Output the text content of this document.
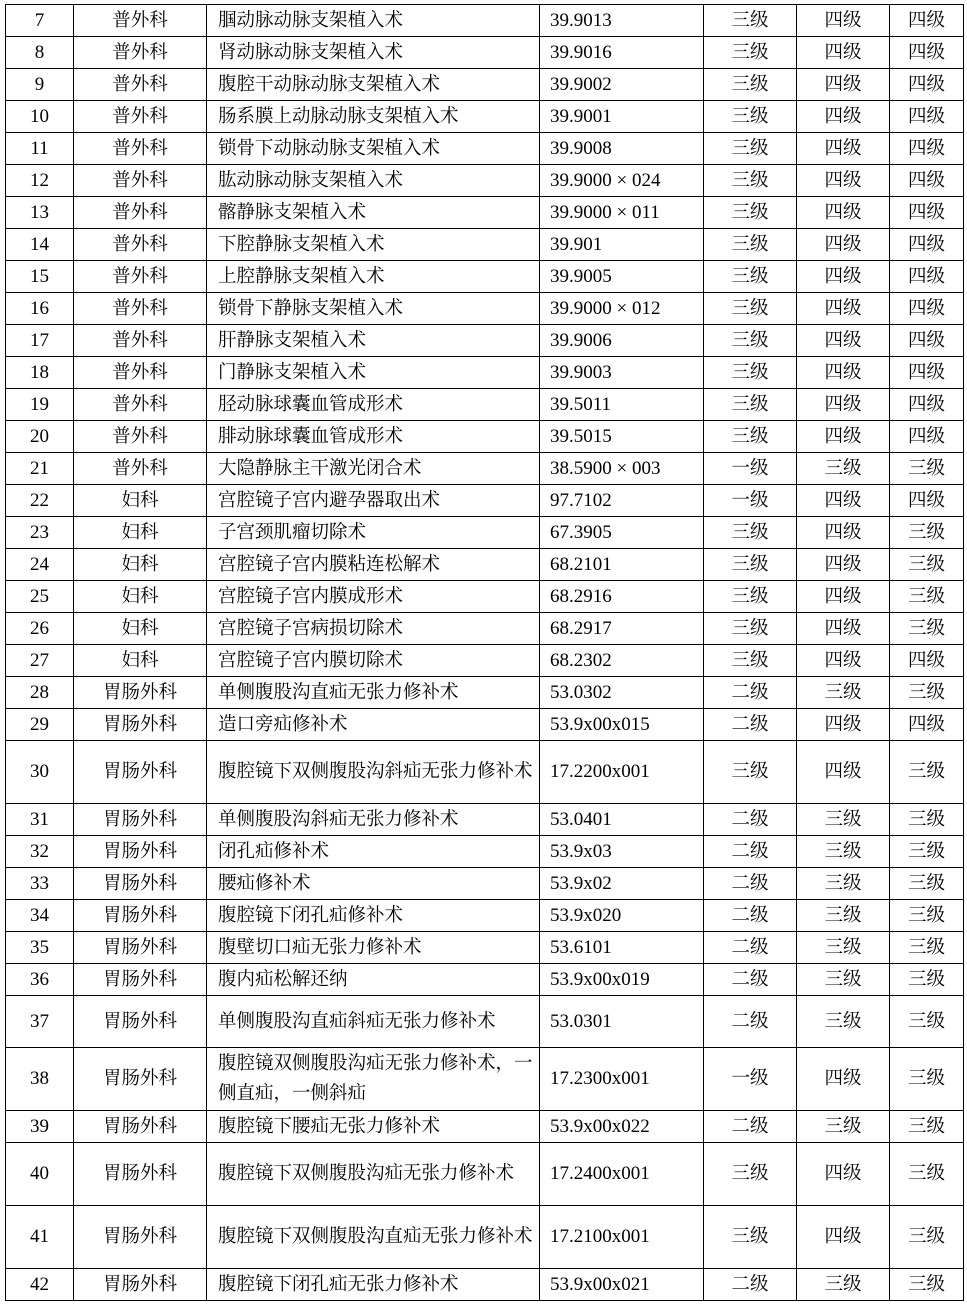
7	普外科	腘动脉动脉支架植入术	39.9013	三级	四级	四级
8	普外科	肾动脉动脉支架植入术	39.9016	三级	四级	四级
9	普外科	腹腔干动脉动脉支架植入术	39.9002	三级	四级	四级
10	普外科	肠系膜上动脉动脉支架植入术	39.9001	三级	四级	四级
11	普外科	锁骨下动脉动脉支架植入术	39.9008	三级	四级	四级
12	普外科	肱动脉动脉支架植入术	39.9000 × 024	三级	四级	四级
13	普外科	髂静脉支架植入术	39.9000 × 011	三级	四级	四级
14	普外科	下腔静脉支架植入术	39.901	三级	四级	四级
15	普外科	上腔静脉支架植入术	39.9005	三级	四级	四级
16	普外科	锁骨下静脉支架植入术	39.9000 × 012	三级	四级	四级
17	普外科	肝静脉支架植入术	39.9006	三级	四级	四级
18	普外科	门静脉支架植入术	39.9003	三级	四级	四级
19	普外科	胫动脉球囊血管成形术	39.5011	三级	四级	四级
20	普外科	腓动脉球囊血管成形术	39.5015	三级	四级	四级
21	普外科	大隐静脉主干激光闭合术	38.5900 × 003	一级	三级	三级
22	妇科	宫腔镜子宫内避孕器取出术	97.7102	一级	四级	四级
23	妇科	子宫颈肌瘤切除术	67.3905	三级	四级	三级
24	妇科	宫腔镜子宫内膜粘连松解术	68.2101	三级	四级	三级
25	妇科	宫腔镜子宫内膜成形术	68.2916	三级	四级	三级
26	妇科	宫腔镜子宫病损切除术	68.2917	三级	四级	三级
27	妇科	宫腔镜子宫内膜切除术	68.2302	三级	四级	四级
28	胃肠外科	单侧腹股沟直疝无张力修补术	53.0302	二级	三级	三级
29	胃肠外科	造口旁疝修补术	53.9x00x015	二级	四级	四级
30	胃肠外科	腹腔镜下双侧腹股沟斜疝无张力修补术	17.2200x001	三级	四级	三级
31	胃肠外科	单侧腹股沟斜疝无张力修补术	53.0401	二级	三级	三级
32	胃肠外科	闭孔疝修补术	53.9x03	二级	三级	三级
33	胃肠外科	腰疝修补术	53.9x02	二级	三级	三级
34	胃肠外科	腹腔镜下闭孔疝修补术	53.9x020	二级	三级	三级
35	胃肠外科	腹壁切口疝无张力修补术	53.6101	二级	三级	三级
36	胃肠外科	腹内疝松解还纳	53.9x00x019	二级	三级	三级
37	胃肠外科	单侧腹股沟直疝斜疝无张力修补术	53.0301	二级	三级	三级
38	胃肠外科	腹腔镜双侧腹股沟疝无张力修补术，一侧直疝，一侧斜疝	17.2300x001	一级	四级	三级
39	胃肠外科	腹腔镜下腰疝无张力修补术	53.9x00x022	二级	三级	三级
40	胃肠外科	腹腔镜下双侧腹股沟疝无张力修补术	17.2400x001	三级	四级	三级
41	胃肠外科	腹腔镜下双侧腹股沟直疝无张力修补术	17.2100x001	三级	四级	三级
42	胃肠外科	腹腔镜下闭孔疝无张力修补术	53.9x00x021	二级	三级	三级
